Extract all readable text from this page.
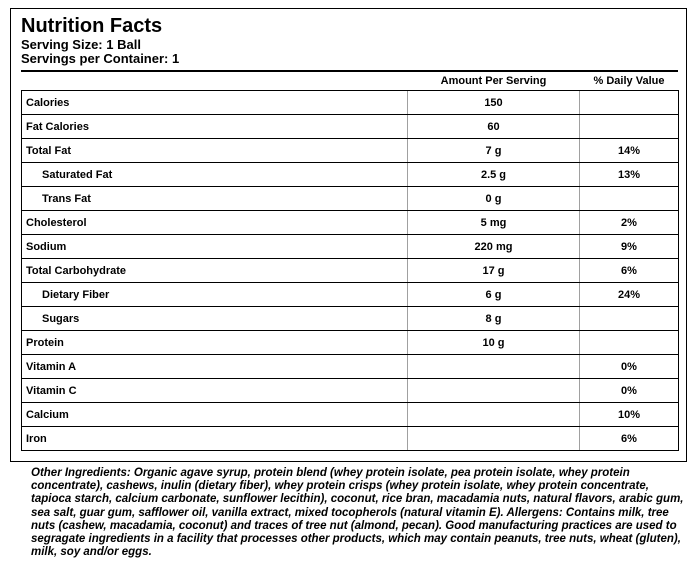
Nutrition Facts
Serving Size: 1 Ball
Servings per Container: 1
	Amount Per Serving	% Daily Value
Calories	150	
Fat Calories	60	
Total Fat	7 g	14%
Saturated Fat	2.5 g	13%
Trans Fat	0 g	
Cholesterol	5 mg	2%
Sodium	220 mg	9%
Total Carbohydrate	17 g	6%
Dietary Fiber	6 g	24%
Sugars	8 g	
Protein	10 g	
Vitamin A		0%
Vitamin C		0%
Calcium		10%
Iron		6%
Other Ingredients: Organic agave syrup, protein blend (whey protein isolate, pea protein isolate, whey protein concentrate), cashews, inulin (dietary fiber), whey protein crisps (whey protein isolate, whey protein concentrate, tapioca starch, calcium carbonate, sunflower lecithin), coconut, rice bran, macadamia nuts, natural flavors, arabic gum, sea salt, guar gum, safflower oil, vanilla extract, mixed tocopherols (natural vitamin E). Allergens: Contains milk, tree nuts (cashew, macadamia, coconut) and traces of tree nut (almond, pecan). Good manufacturing practices are used to segragate ingredients in a facility that processes other products, which may contain peanuts, tree nuts, wheat (gluten), milk, soy and/or eggs.
